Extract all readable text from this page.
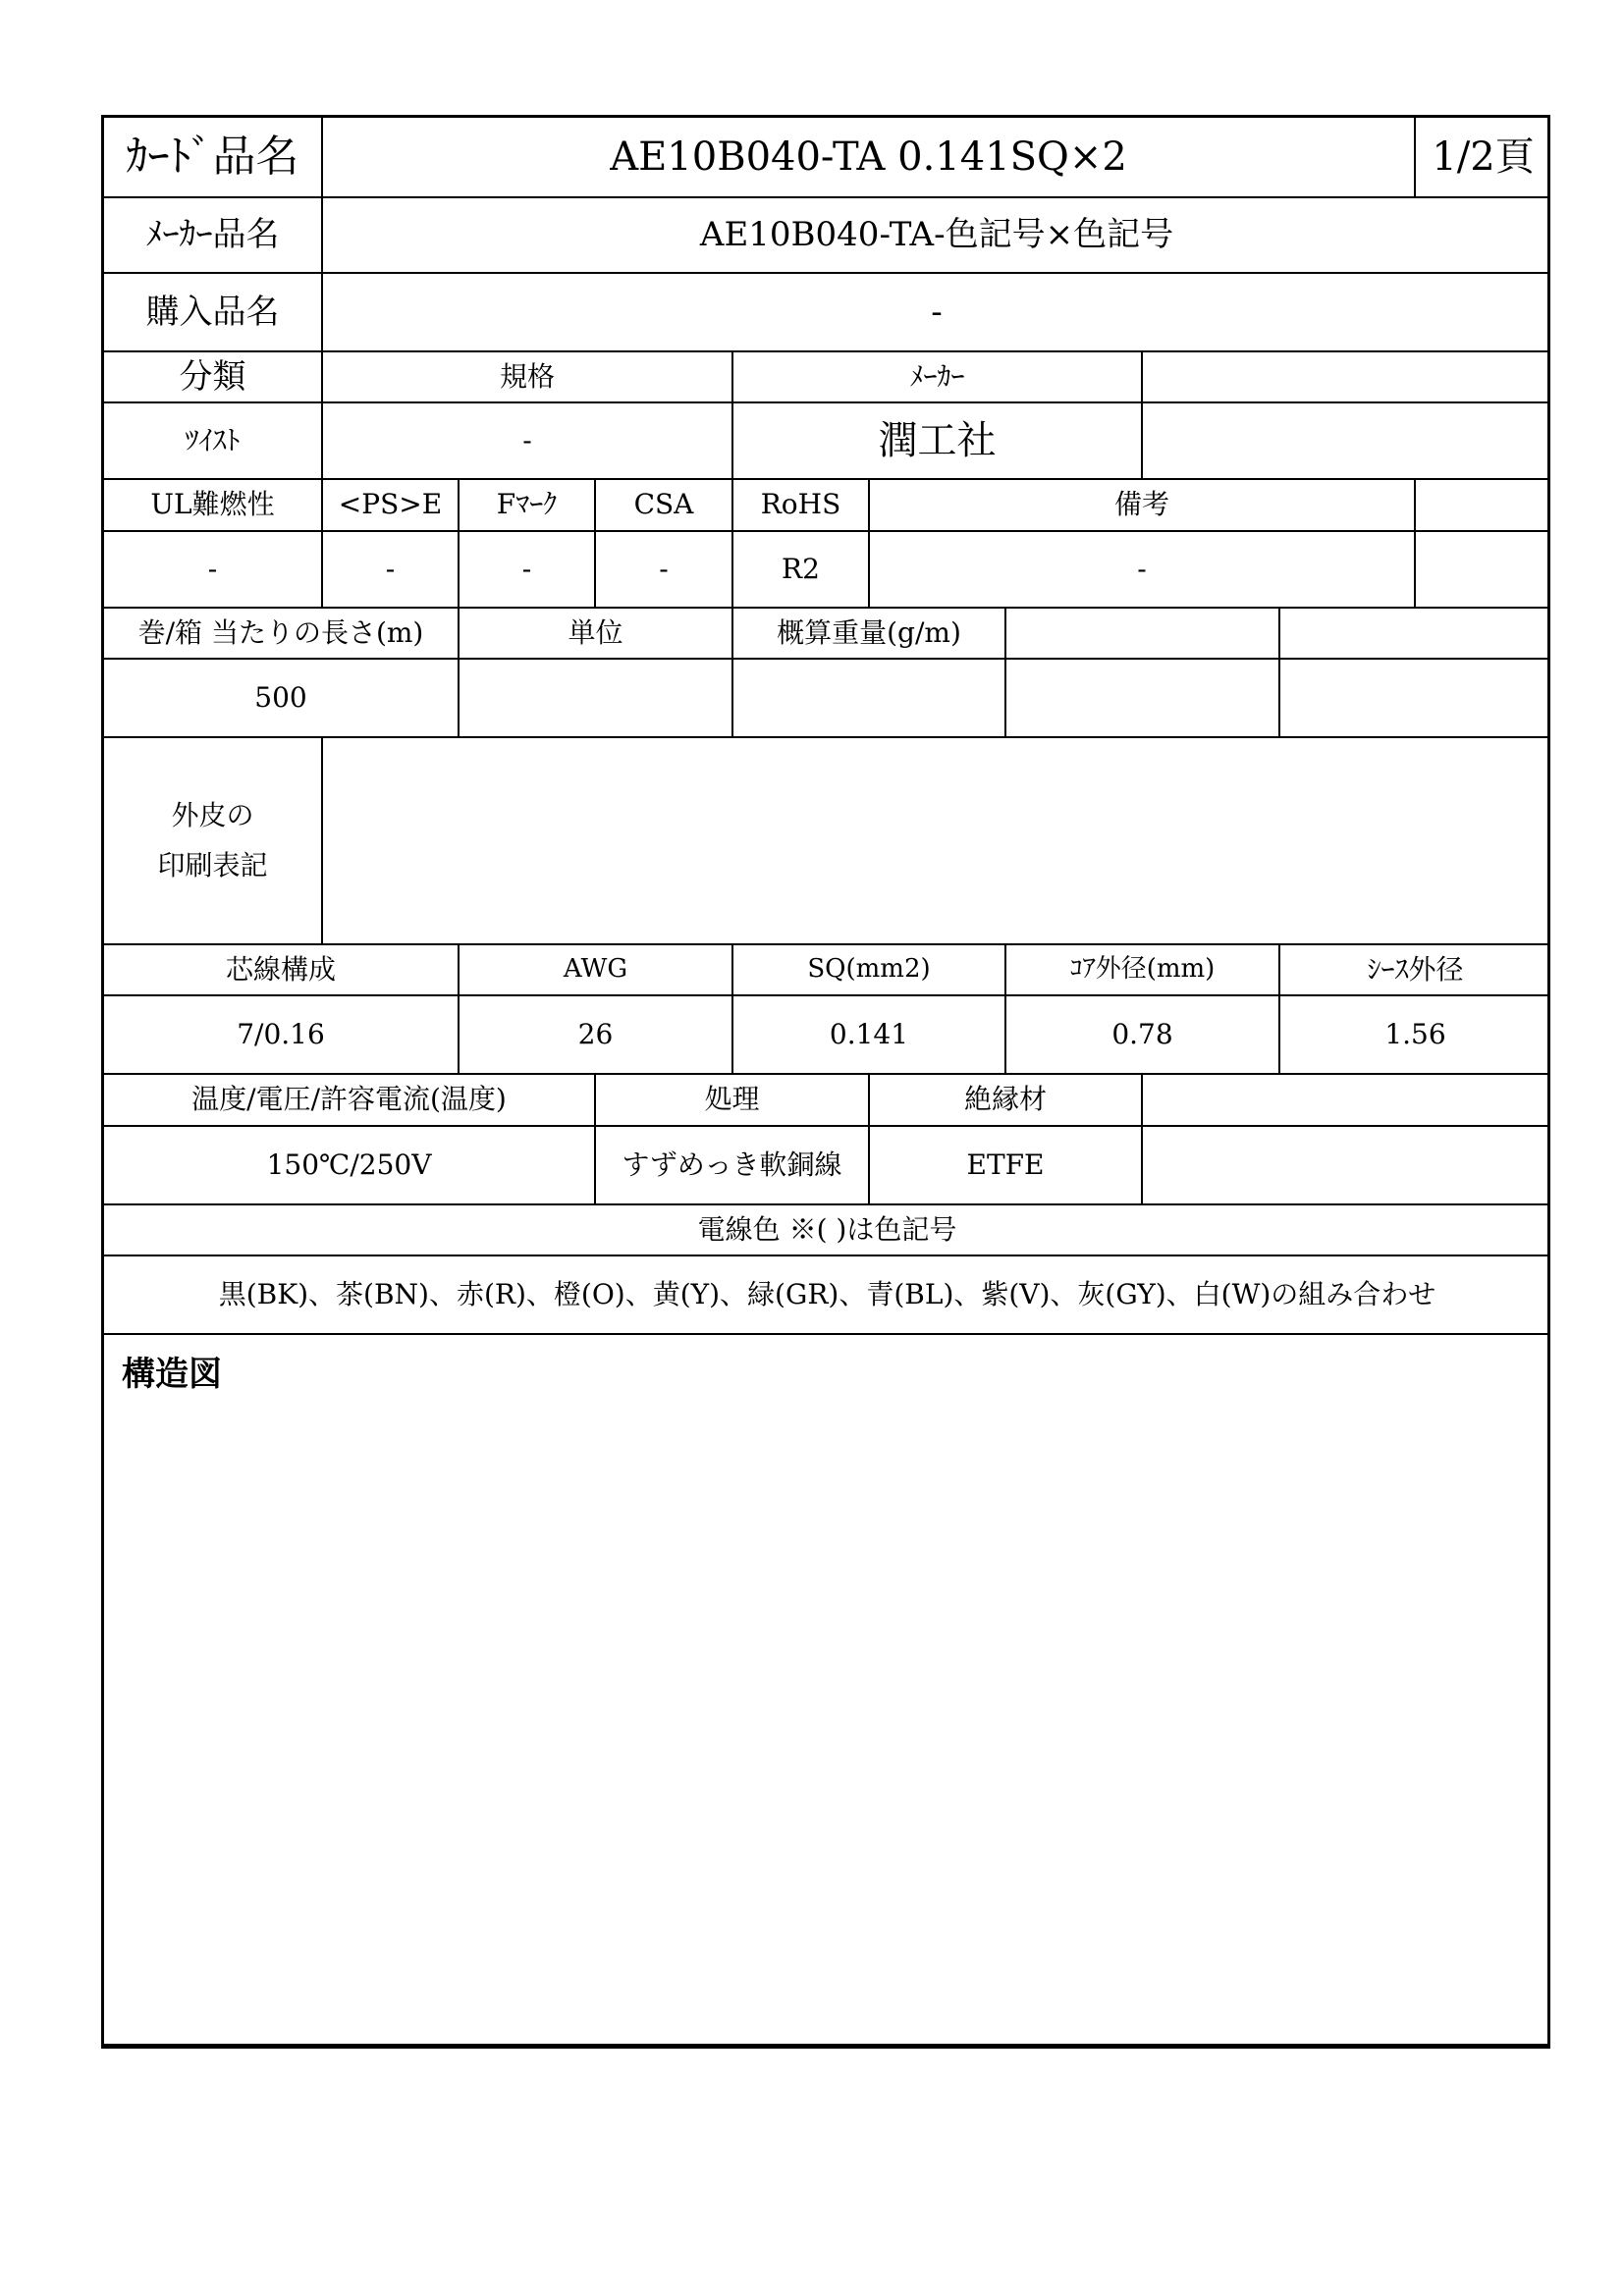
ｶｰﾄﾞ品名	AE10B040-TA 0.141SQ×2	1/2頁
ﾒｰｶｰ品名	AE10B040-TA-色記号×色記号
購入品名	-
分類	規格	ﾒｰｶｰ
ﾂｲｽﾄ	-	潤工社
UL難燃性	<PS>E	Fﾏｰｸ	CSA	RoHS	備考
-	-	-	-	R2	-
巻/箱 当たりの長さ(m)	単位	概算重量(g/m)
500
外皮の
印刷表記
芯線構成	AWG	SQ(mm2)	ｺｱ外径(mm)	ｼｰｽ外径
7/0.16	26	0.141	0.78	1.56
温度/電圧/許容電流(温度)	処理	絶縁材
150℃/250V	すずめっき軟銅線	ETFE
電線色 ※( )は色記号
黒(BK)、茶(BN)、赤(R)、橙(O)、黄(Y)、緑(GR)、青(BL)、紫(V)、灰(GY)、白(W)の組み合わせ
構造図
